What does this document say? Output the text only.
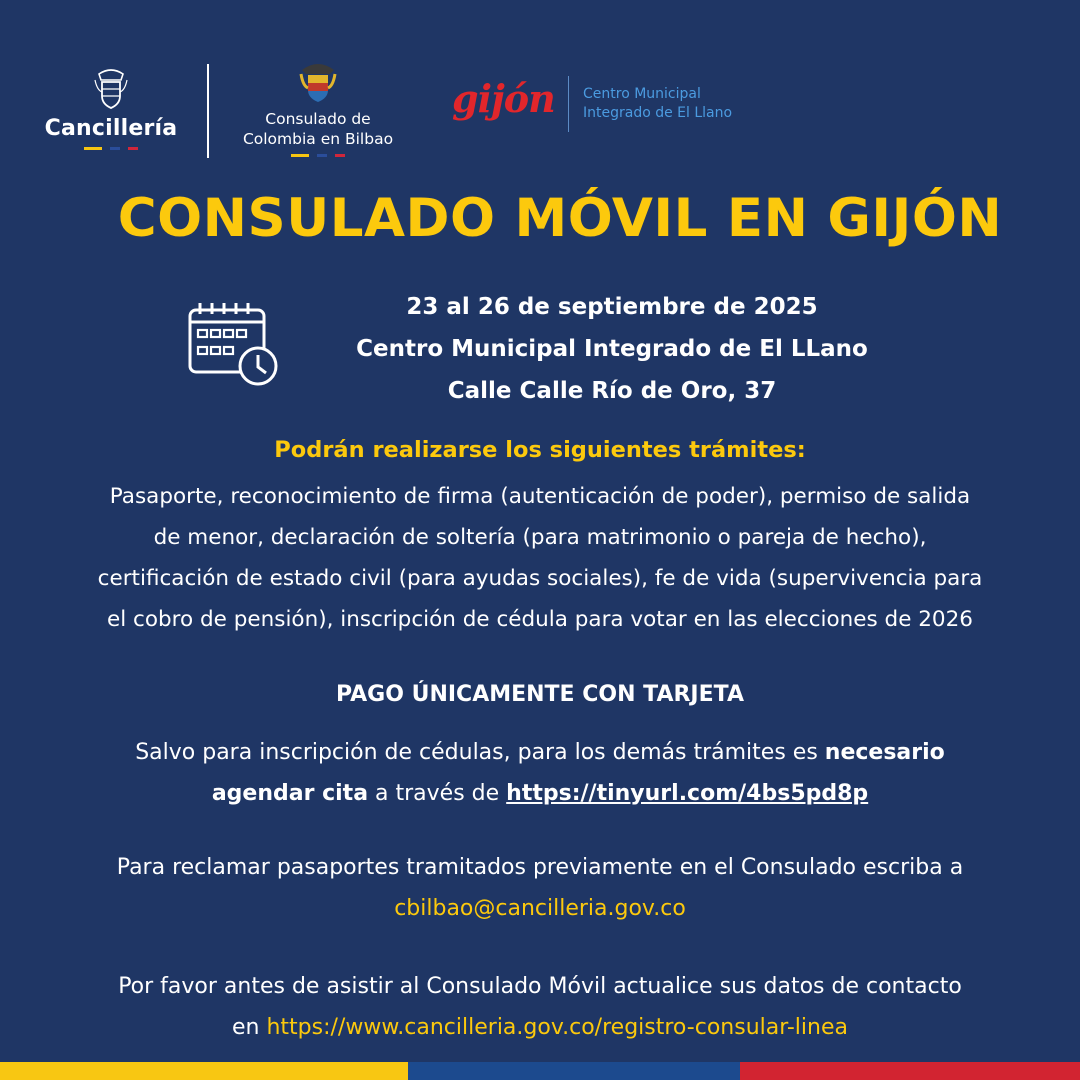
Cancillería	Consulado de
Colombia en Bilbao
gijón Centro Municipal
Integrado de El Llano
CONSULADO MÓVIL EN GIJÓN
23 al 26 de septiembre de 2025
Centro Municipal Integrado de El LLano
Calle Calle Río de Oro, 37
Podrán realizarse los siguientes trámites:
Pasaporte, reconocimiento de firma (autenticación de poder), permiso de salida
de menor, declaración de soltería (para matrimonio o pareja de hecho),
certificación de estado civil (para ayudas sociales), fe de vida (supervivencia para
el cobro de pensión), inscripción de cédula para votar en las elecciones de 2026
PAGO ÚNICAMENTE CON TARJETA
Salvo para inscripción de cédulas, para los demás trámites es necesario
agendar cita a través de https://tinyurl.com/4bs5pd8p
Para reclamar pasaportes tramitados previamente en el Consulado escriba a
cbilbao@cancilleria.gov.co
Por favor antes de asistir al Consulado Móvil actualice sus datos de contacto
en https://www.cancilleria.gov.co/registro-consular-linea
